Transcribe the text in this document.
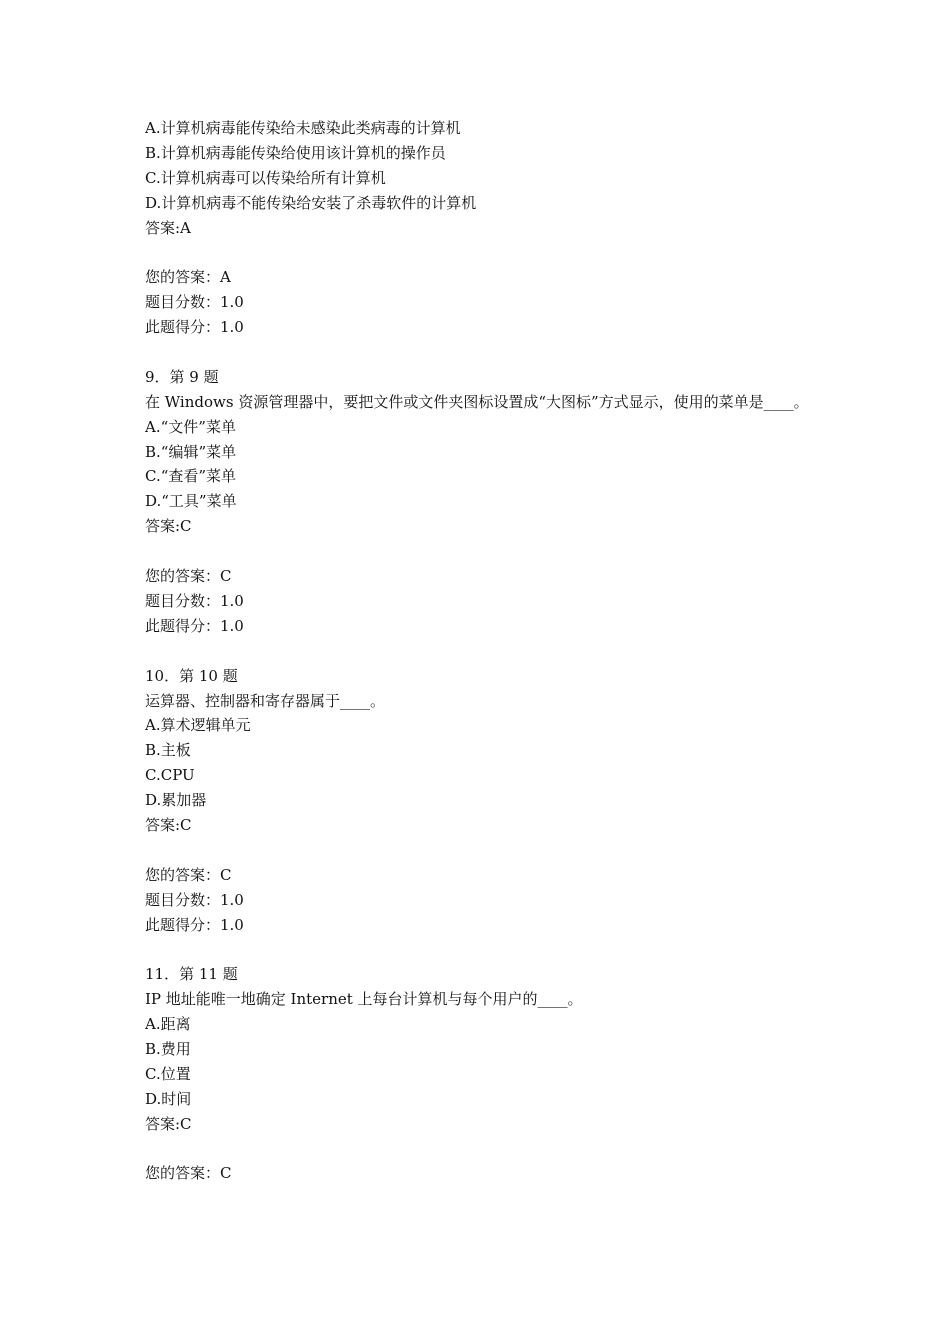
A.计算机病毒能传染给未感染此类病毒的计算机
B.计算机病毒能传染给使用该计算机的操作员
C.计算机病毒可以传染给所有计算机
D.计算机病毒不能传染给安装了杀毒软件的计算机
答案:A
您的答案：A
题目分数：1.0
此题得分：1.0
9．第 9 题
在 Windows 资源管理器中，要把文件或文件夹图标设置成“大图标”方式显示，使用的菜单是____。
A.“文件”菜单
B.“编辑”菜单
C.“查看”菜单
D.“工具”菜单
答案:C
您的答案：C
题目分数：1.0
此题得分：1.0
10．第 10 题
运算器、控制器和寄存器属于____。
A.算术逻辑单元
B.主板
C.CPU
D.累加器
答案:C
您的答案：C
题目分数：1.0
此题得分：1.0
11．第 11 题
IP 地址能唯一地确定 Internet 上每台计算机与每个用户的____。
A.距离
B.费用
C.位置
D.时间
答案:C
您的答案：C
